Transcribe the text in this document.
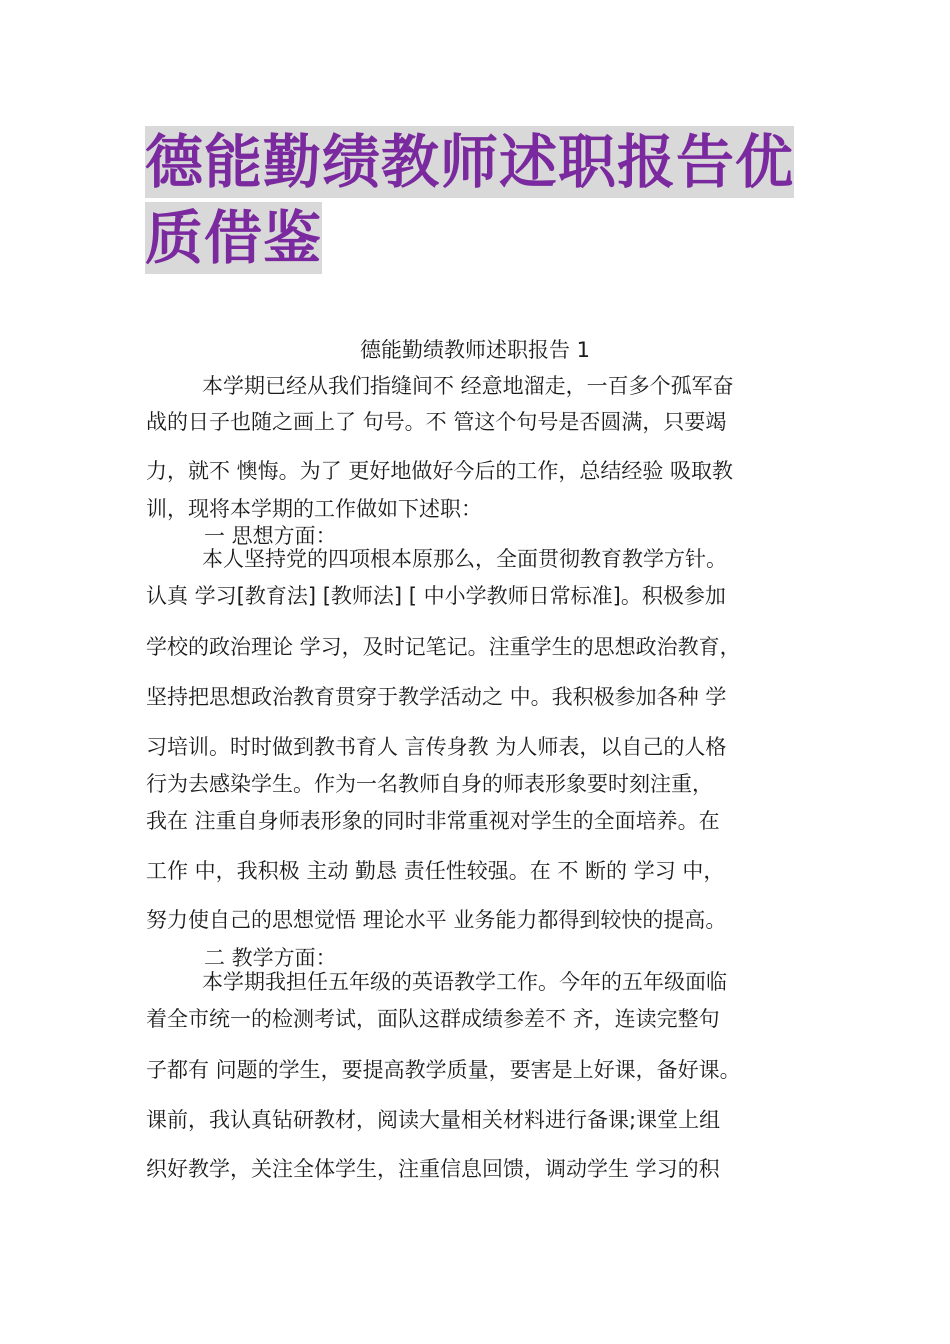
德能勤绩教师述职报告优
质借鉴
德能勤绩教师述职报告 1
本学期已经从我们指缝间不 经意地溜走，一百多个孤军奋
战的日子也随之画上了 句号。不 管这个句号是否圆满，只要竭
力，就不 懊悔。为了 更好地做好今后的工作，总结经验 吸取教
训，现将本学期的工作做如下述职：
一 思想方面：
本人坚持党的四项根本原那么，全面贯彻教育教学方针。
认真 学习[教育法] [教师法] [ 中小学教师日常标准]。积极参加
学校的政治理论 学习，及时记笔记。注重学生的思想政治教育，
坚持把思想政治教育贯穿于教学活动之 中。我积极参加各种 学
习培训。时时做到教书育人 言传身教 为人师表，以自己的人格
行为去感染学生。作为一名教师自身的师表形象要时刻注重，
我在 注重自身师表形象的同时非常重视对学生的全面培养。在
工作 中，我积极 主动 勤恳 责任性较强。在 不 断的 学习 中，
努力使自己的思想觉悟 理论水平 业务能力都得到较快的提高。
二 教学方面：
本学期我担任五年级的英语教学工作。今年的五年级面临
着全市统一的检测考试，面队这群成绩参差不 齐，连读完整句
子都有 问题的学生，要提高教学质量，要害是上好课，备好课。
课前，我认真钻研教材，阅读大量相关材料进行备课;课堂上组
织好教学，关注全体学生，注重信息回馈，调动学生 学习的积
